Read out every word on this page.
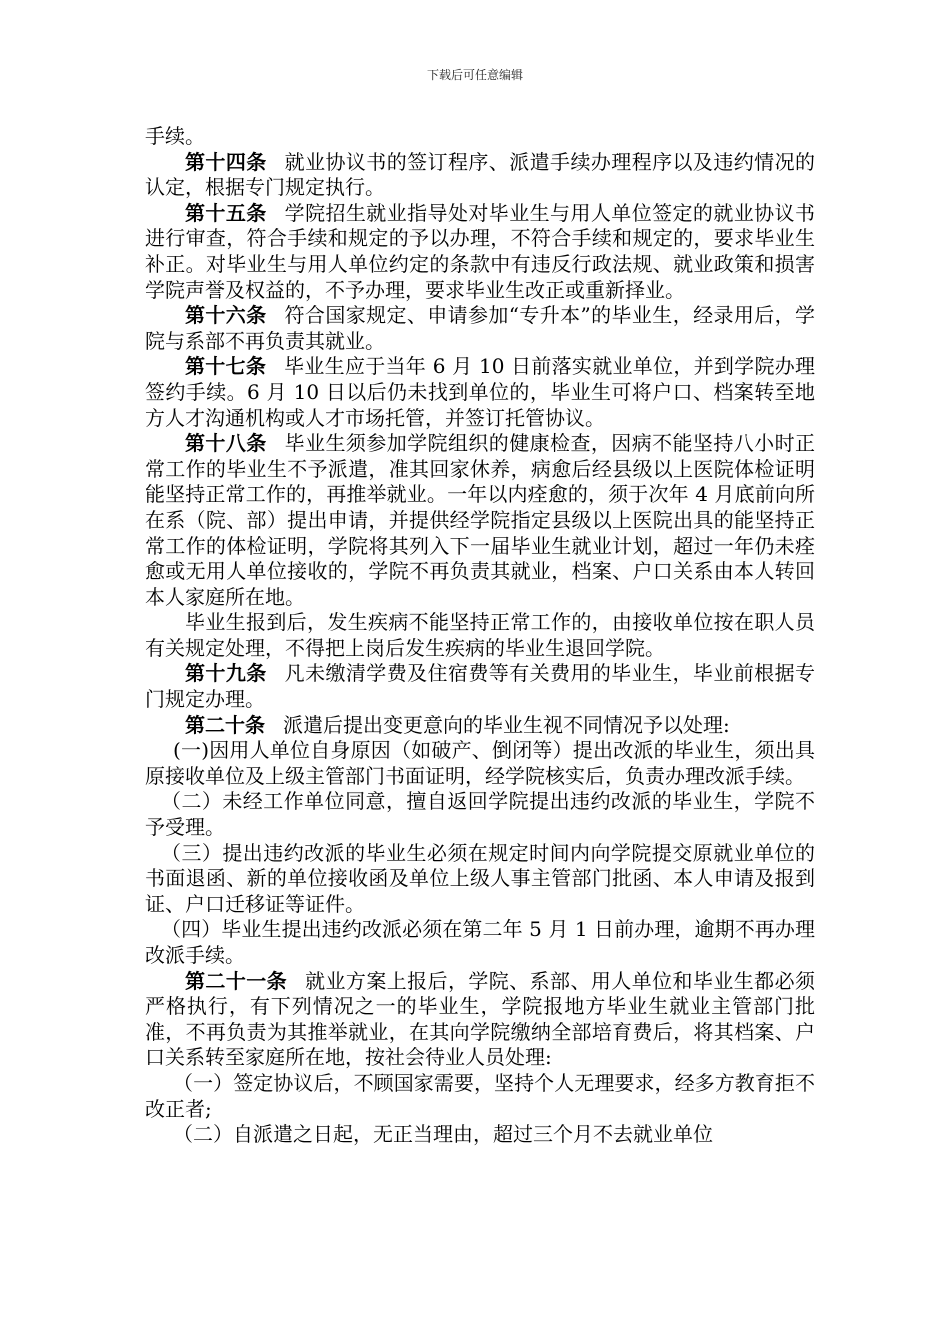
下载后可任意编辑

手续。

第十四条 就业协议书的签订程序、派遣手续办理程序以及违约情况的认定，根据专门规定执行。

第十五条 学院招生就业指导处对毕业生与用人单位签定的就业协议书进行审查，符合手续和规定的予以办理，不符合手续和规定的，要求毕业生补正。对毕业生与用人单位约定的条款中有违反行政法规、就业政策和损害学院声誉及权益的，不予办理，要求毕业生改正或重新择业。

第十六条 符合国家规定、申请参加“专升本”的毕业生，经录用后，学院与系部不再负责其就业。

第十七条 毕业生应于当年 6 月 10 日前落实就业单位，并到学院办理签约手续。6 月 10 日以后仍未找到单位的，毕业生可将户口、档案转至地方人才沟通机构或人才市场托管，并签订托管协议。

第十八条 毕业生须参加学院组织的健康检查，因病不能坚持八小时正常工作的毕业生不予派遣，准其回家休养，病愈后经县级以上医院体检证明能坚持正常工作的，再推举就业。一年以内痊愈的，须于次年 4 月底前向所在系（院、部）提出申请，并提供经学院指定县级以上医院出具的能坚持正常工作的体检证明，学院将其列入下一届毕业生就业计划，超过一年仍未痊愈或无用人单位接收的，学院不再负责其就业，档案、户口关系由本人转回本人家庭所在地。

毕业生报到后，发生疾病不能坚持正常工作的，由接收单位按在职人员有关规定处理，不得把上岗后发生疾病的毕业生退回学院。

第十九条 凡未缴清学费及住宿费等有关费用的毕业生，毕业前根据专门规定办理。

第二十条 派遣后提出变更意向的毕业生视不同情况予以处理:

(一)因用人单位自身原因（如破产、倒闭等）提出改派的毕业生，须出具原接收单位及上级主管部门书面证明，经学院核实后，负责办理改派手续。

（二）未经工作单位同意，擅自返回学院提出违约改派的毕业生，学院不予受理。

（三）提出违约改派的毕业生必须在规定时间内向学院提交原就业单位的书面退函、新的单位接收函及单位上级人事主管部门批函、本人申请及报到证、户口迁移证等证件。

（四）毕业生提出违约改派必须在第二年 5 月 1 日前办理，逾期不再办理改派手续。

第二十一条 就业方案上报后，学院、系部、用人单位和毕业生都必须严格执行，有下列情况之一的毕业生，学院报地方毕业生就业主管部门批准，不再负责为其推举就业，在其向学院缴纳全部培育费后，将其档案、户口关系转至家庭所在地，按社会待业人员处理:

（一）签定协议后，不顾国家需要，坚持个人无理要求，经多方教育拒不改正者;

（二）自派遣之日起，无正当理由，超过三个月不去就业单位
